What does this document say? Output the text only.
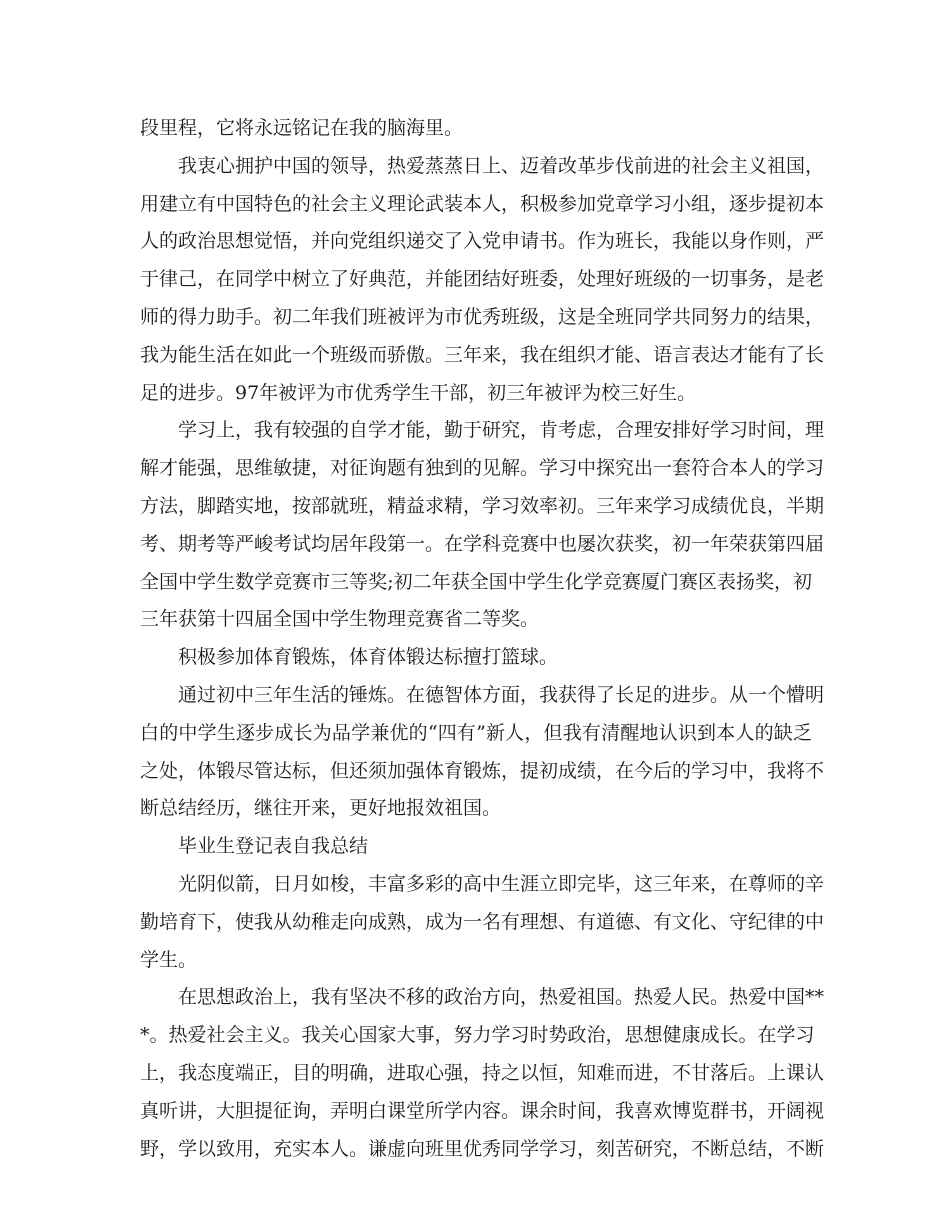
段里程，它将永远铭记在我的脑海里。
我衷心拥护中国的领导，热爱蒸蒸日上、迈着改革步伐前进的社会主义祖国，
用建立有中国特色的社会主义理论武装本人，积极参加党章学习小组，逐步提初本
人的政治思想觉悟，并向党组织递交了入党申请书。作为班长，我能以身作则，严
于律己，在同学中树立了好典范，并能团结好班委，处理好班级的一切事务，是老
师的得力助手。初二年我们班被评为市优秀班级，这是全班同学共同努力的结果，
我为能生活在如此一个班级而骄傲。三年来，我在组织才能、语言表达才能有了长
足的进步。97年被评为市优秀学生干部，初三年被评为校三好生。
学习上，我有较强的自学才能，勤于研究，肯考虑，合理安排好学习时间，理
解才能强，思维敏捷，对征询题有独到的见解。学习中探究出一套符合本人的学习
方法，脚踏实地，按部就班，精益求精，学习效率初。三年来学习成绩优良，半期
考、期考等严峻考试均居年段第一。在学科竞赛中也屡次获奖，初一年荣获第四届
全国中学生数学竞赛市三等奖;初二年获全国中学生化学竞赛厦门赛区表扬奖，初
三年获第十四届全国中学生物理竞赛省二等奖。
积极参加体育锻炼，体育体锻达标擅打篮球。
通过初中三年生活的锤炼。在德智体方面，我获得了长足的进步。从一个懵明
白的中学生逐步成长为品学兼优的“四有”新人，但我有清醒地认识到本人的缺乏
之处，体锻尽管达标，但还须加强体育锻炼，提初成绩，在今后的学习中，我将不
断总结经历，继往开来，更好地报效祖国。
毕业生登记表自我总结
光阴似箭，日月如梭，丰富多彩的高中生涯立即完毕，这三年来，在尊师的辛
勤培育下，使我从幼稚走向成熟，成为一名有理想、有道德、有文化、守纪律的中
学生。
在思想政治上，我有坚决不移的政治方向，热爱祖国。热爱人民。热爱中国**
*。热爱社会主义。我关心国家大事，努力学习时势政治，思想健康成长。在学习
上，我态度端正，目的明确，进取心强，持之以恒，知难而进，不甘落后。上课认
真听讲，大胆提征询，弄明白课堂所学内容。课余时间，我喜欢博览群书，开阔视
野，学以致用，充实本人。谦虚向班里优秀同学学习，刻苦研究，不断总结，不断
